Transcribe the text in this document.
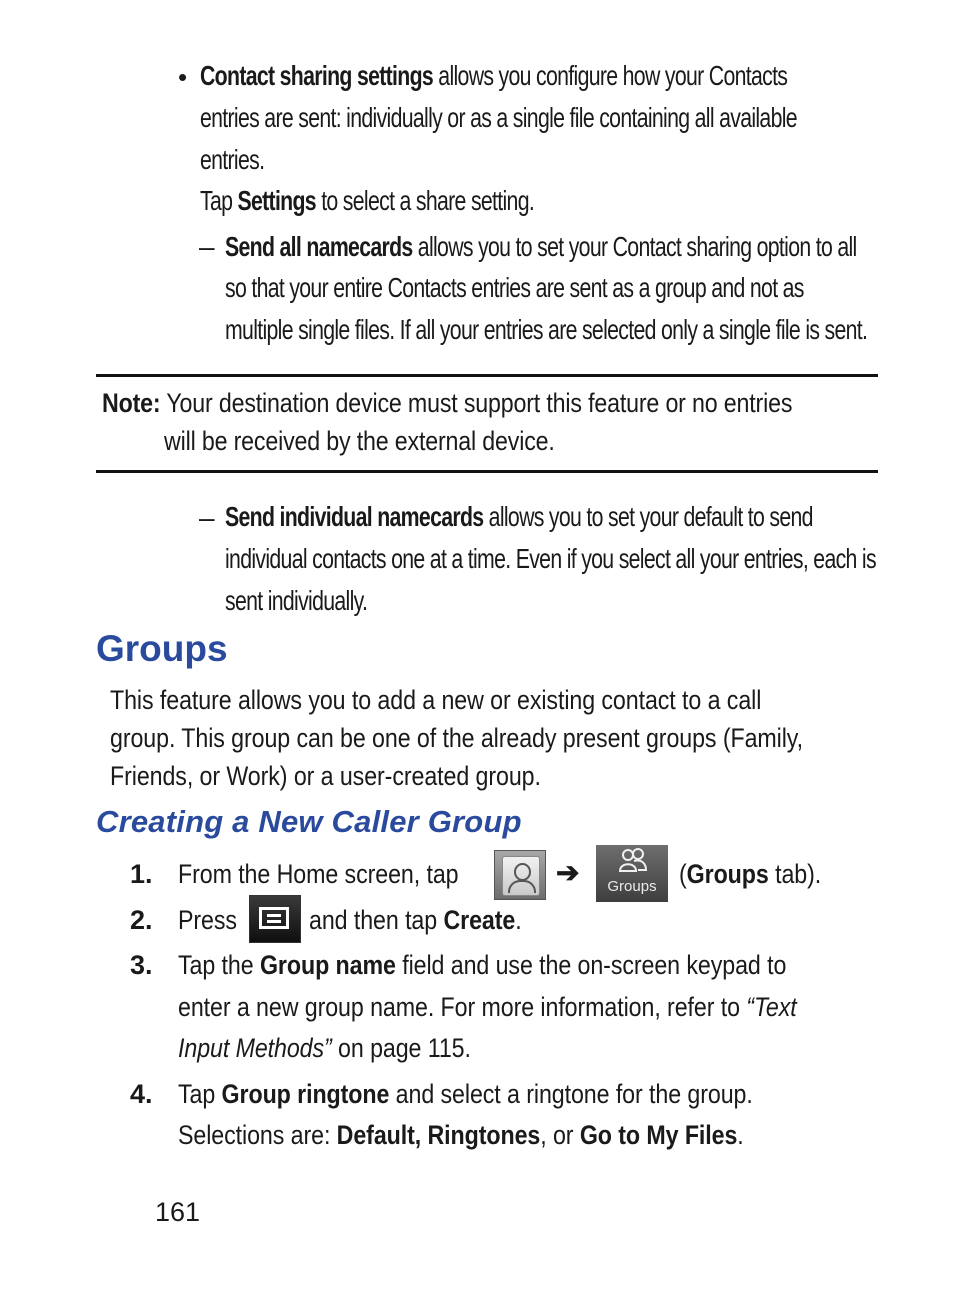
• Contact sharing settings allows you configure how your Contacts
entries are sent: individually or as a single file containing all available
entries.
Tap Settings to select a share setting.
– Send all namecards allows you to set your Contact sharing option to all
so that your entire Contacts entries are sent as a group and not as
multiple single files. If all your entries are selected only a single file is sent.
Note: Your destination device must support this feature or no entries
will be received by the external device.
– Send individual namecards allows you to set your default to send
individual contacts one at a time. Even if you select all your entries, each is
sent individually.
Groups
This feature allows you to add a new or existing contact to a call
group. This group can be one of the already present groups (Family,
Friends, or Work) or a user-created group.
Creating a New Caller Group
1. From the Home screen, tap	➔	Groups (Groups tab).
2. Press	and then tap Create.
3. Tap the Group name field and use the on-screen keypad to
enter a new group name. For more information, refer to “Text
Input Methods” on page 115.
4. Tap Group ringtone and select a ringtone for the group.
Selections are: Default, Ringtones, or Go to My Files.
161
